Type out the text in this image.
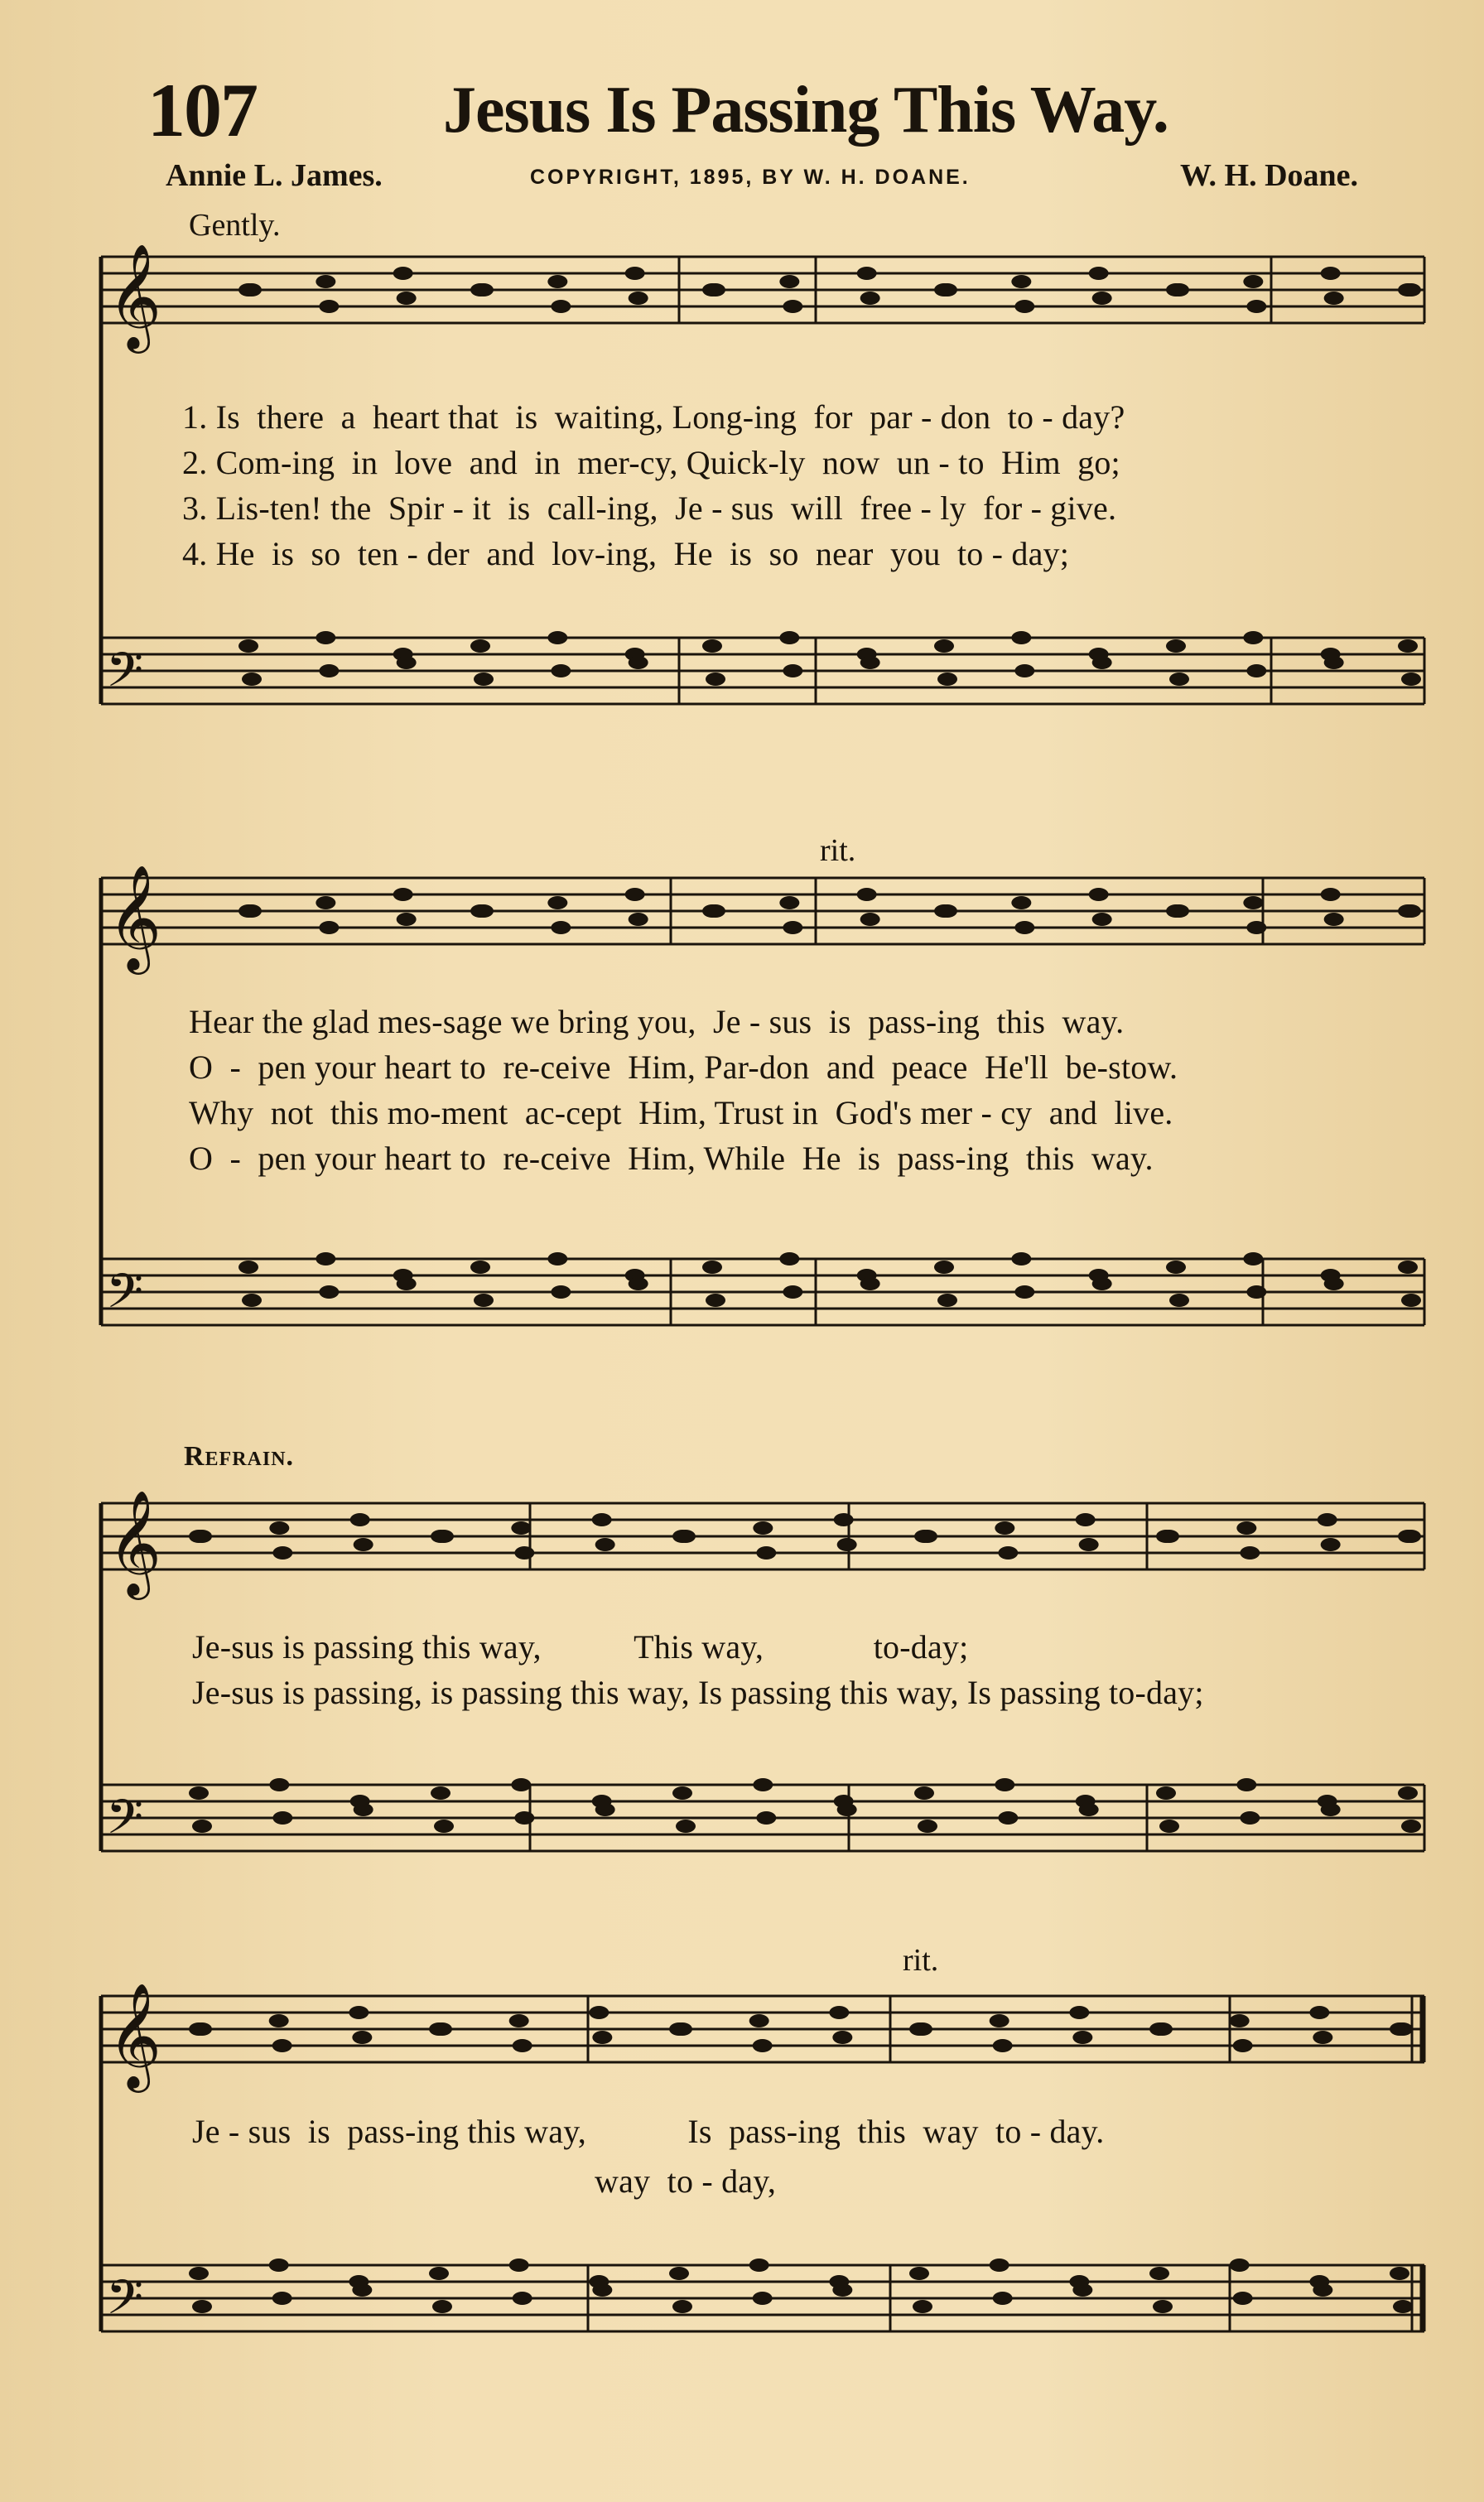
107	Jesus Is Passing This Way.
Annie L. James.	COPYRIGHT, 1895, BY W. H. DOANE.	W. H. Doane.
Gently.
rit.
Refrain.
rit.
𝄞
𝄢
𝄞
𝄢
𝄞
𝄢
𝄞
𝄢
1. Is  there  a  heart that  is  waiting, Long-ing  for  par - don  to - day?
2. Com-ing  in  love  and  in  mer-cy, Quick-ly  now  un - to  Him  go;
3. Lis-ten! the  Spir - it  is  call-ing,  Je - sus  will  free - ly  for - give.
4. He  is  so  ten - der  and  lov-ing,  He  is  so  near  you  to - day;
Hear the glad mes-sage we bring you,  Je - sus  is  pass-ing  this  way.
O  -  pen your heart to  re-ceive  Him, Par-don  and  peace  He'll  be-stow.
Why  not  this mo-ment  ac-cept  Him, Trust in  God's mer - cy  and  live.
O  -  pen your heart to  re-ceive  Him, While  He  is  pass-ing  this  way.
Je-sus is passing this way,           This way,             to-day;
Je-sus is passing, is passing this way, Is passing this way, Is passing to-day;
Je - sus  is  pass-ing this way,            Is  pass-ing  this  way  to - day.
way  to - day,
